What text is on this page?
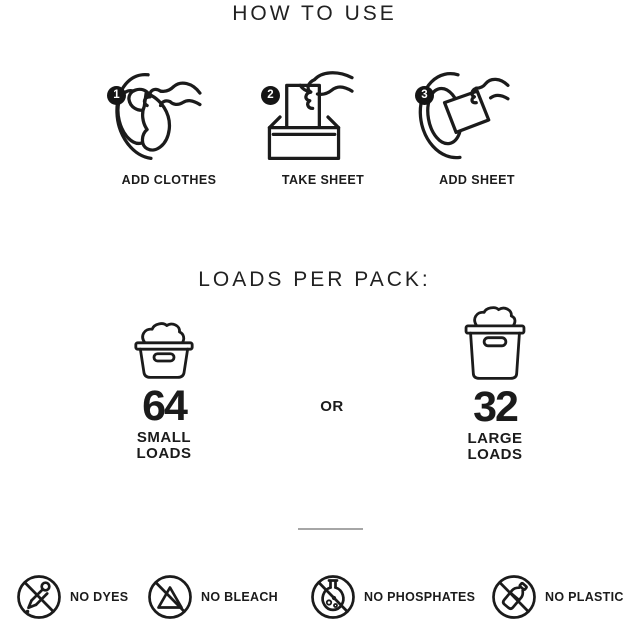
HOW TO USE
1
ADD CLOTHES
2
TAKE SHEET
3
ADD SHEET
LOADS PER PACK:
64
SMALL
LOADS
OR	32
LARGE
LOADS
NO DYES	NO BLEACH	NO PHOSPHATES	NO PLASTIC
